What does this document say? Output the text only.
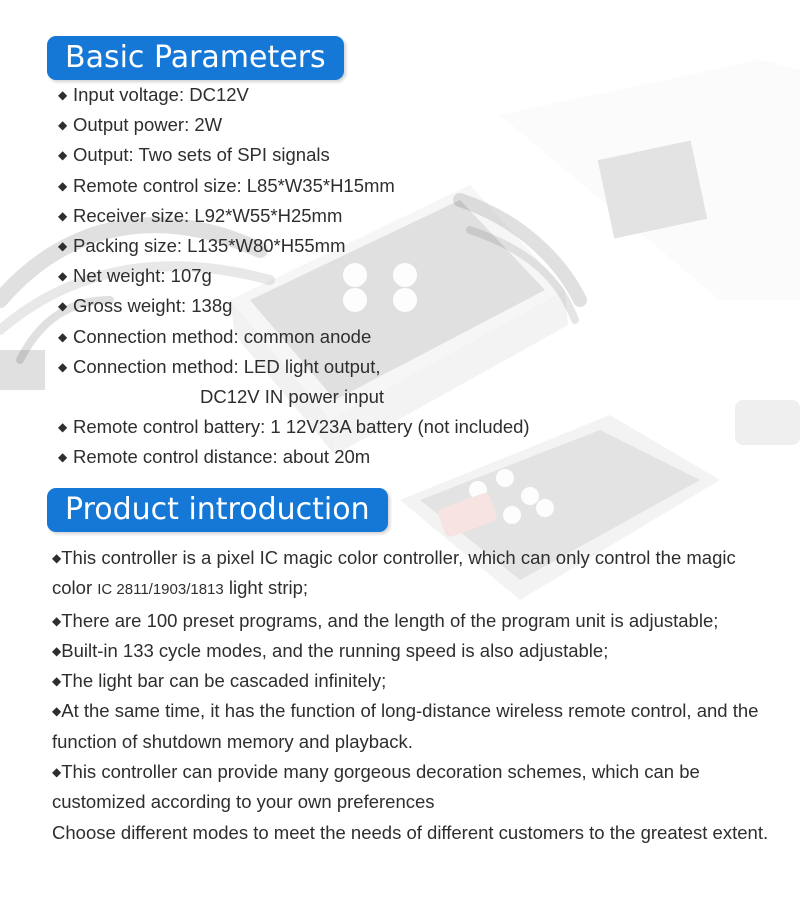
Basic Parameters
◆ Input voltage: DC12V
◆ Output power: 2W
◆ Output: Two sets of SPI signals
◆ Remote control size: L85*W35*H15mm
◆ Receiver size: L92*W55*H25mm
◆ Packing size: L135*W80*H55mm
◆ Net weight: 107g
◆ Gross weight: 138g
◆ Connection method: common anode
◆ Connection method: LED light output,
DC12V IN power input
◆ Remote control battery: 1 12V23A battery (not included)
◆ Remote control distance: about 20m
Product introduction

◆This controller is a pixel IC magic color controller, which can only control the magic color IC 2811/1903/1813 light strip;

◆There are 100 preset programs, and the length of the program unit is adjustable;

◆Built-in 133 cycle modes, and the running speed is also adjustable;

◆The light bar can be cascaded infinitely;

◆At the same time, it has the function of long-distance wireless remote control, and the function of shutdown memory and playback.

◆This controller can provide many gorgeous decoration schemes, which can be customized according to your own preferences

Choose different modes to meet the needs of different customers to the greatest extent.
